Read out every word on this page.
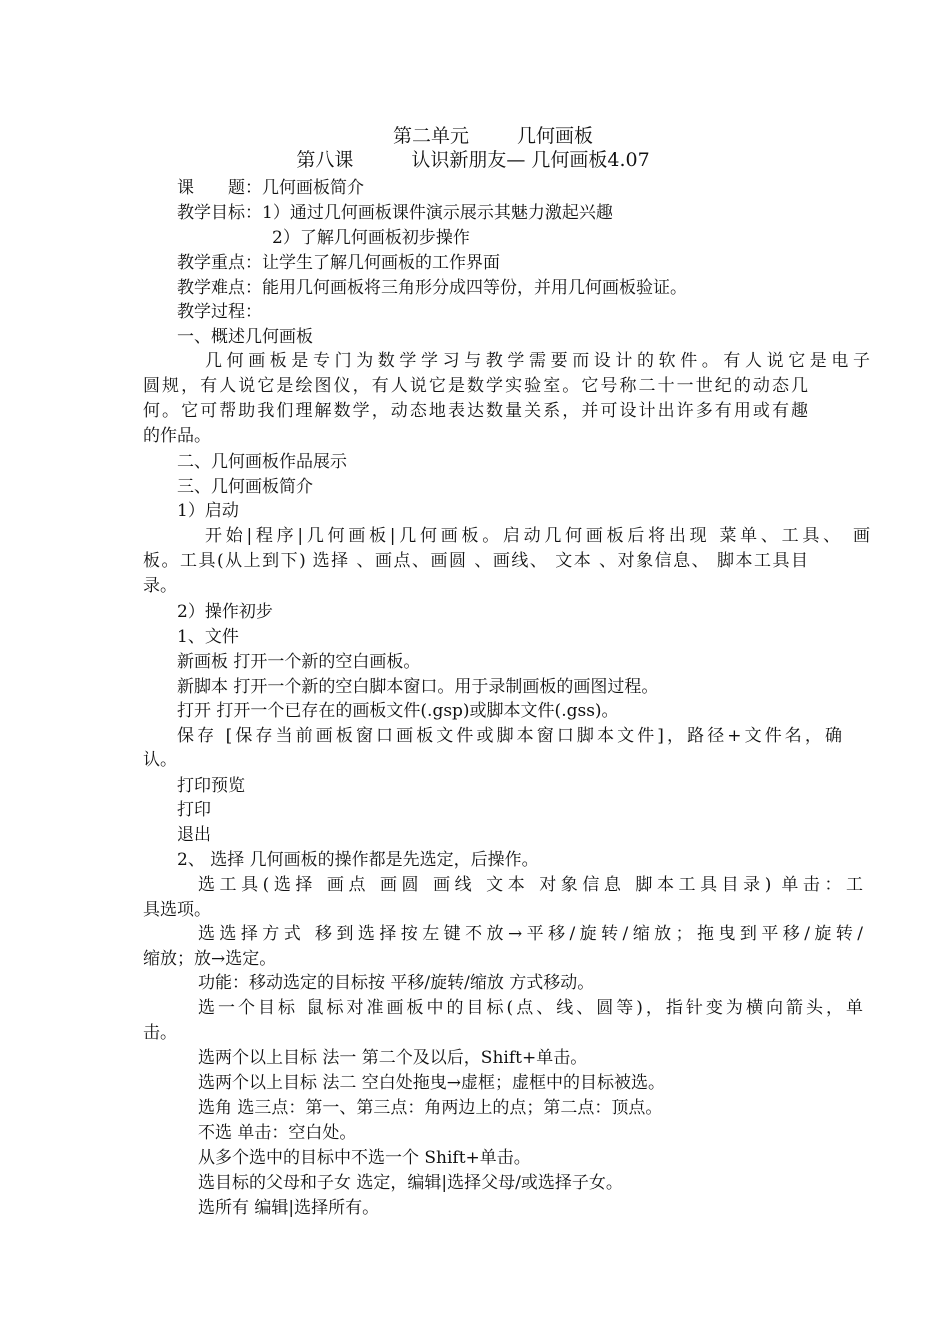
第二单元	几何画板
第八课	认识新朋友— 几何画板4.07
课　　题：几何画板简介
教学目标：1）通过几何画板课件演示展示其魅力激起兴趣
2）了解几何画板初步操作
教学重点：让学生了解几何画板的工作界面
教学难点：能用几何画板将三角形分成四等份，并用几何画板验证。
教学过程：
一、概述几何画板
几何画板是专门为数学学习与教学需要而设计的软件。有人说它是电子
圆规，有人说它是绘图仪，有人说它是数学实验室。它号称二十一世纪的动态几
何。它可帮助我们理解数学，动态地表达数量关系，并可设计出许多有用或有趣
的作品。
二、几何画板作品展示
三、几何画板简介
1）启动
开始|程序|几何画板|几何画板。启动几何画板后将出现 菜单、工具、 画
板。工具(从上到下) 选择 、画点、画圆 、画线、 文本 、对象信息、 脚本工具目
录。
2）操作初步
1、文件
新画板 打开一个新的空白画板。
新脚本 打开一个新的空白脚本窗口。用于录制画板的画图过程。
打开 打开一个已存在的画板文件(.gsp)或脚本文件(.gss)。
保存 [保存当前画板窗口画板文件或脚本窗口脚本文件]，路径+文件名，确
认。
打印预览
打印
退出
2、 选择 几何画板的操作都是先选定，后操作。
选工具(选择 画点 画圆 画线 文本 对象信息 脚本工具目录) 单击：工
具选项。
选选择方式 移到选择按左键不放→平移/旋转/缩放；拖曳到平移/旋转/
缩放；放→选定。
功能：移动选定的目标按 平移/旋转/缩放 方式移动。
选一个目标 鼠标对准画板中的目标(点、线、圆等)，指针变为横向箭头，单
击。
选两个以上目标 法一 第二个及以后，Shift+单击。
选两个以上目标 法二 空白处拖曳→虚框；虚框中的目标被选。
选角 选三点：第一、第三点：角两边上的点；第二点：顶点。
不选 单击：空白处。
从多个选中的目标中不选一个 Shift+单击。
选目标的父母和子女 选定，编辑|选择父母/或选择子女。
选所有 编辑|选择所有。
